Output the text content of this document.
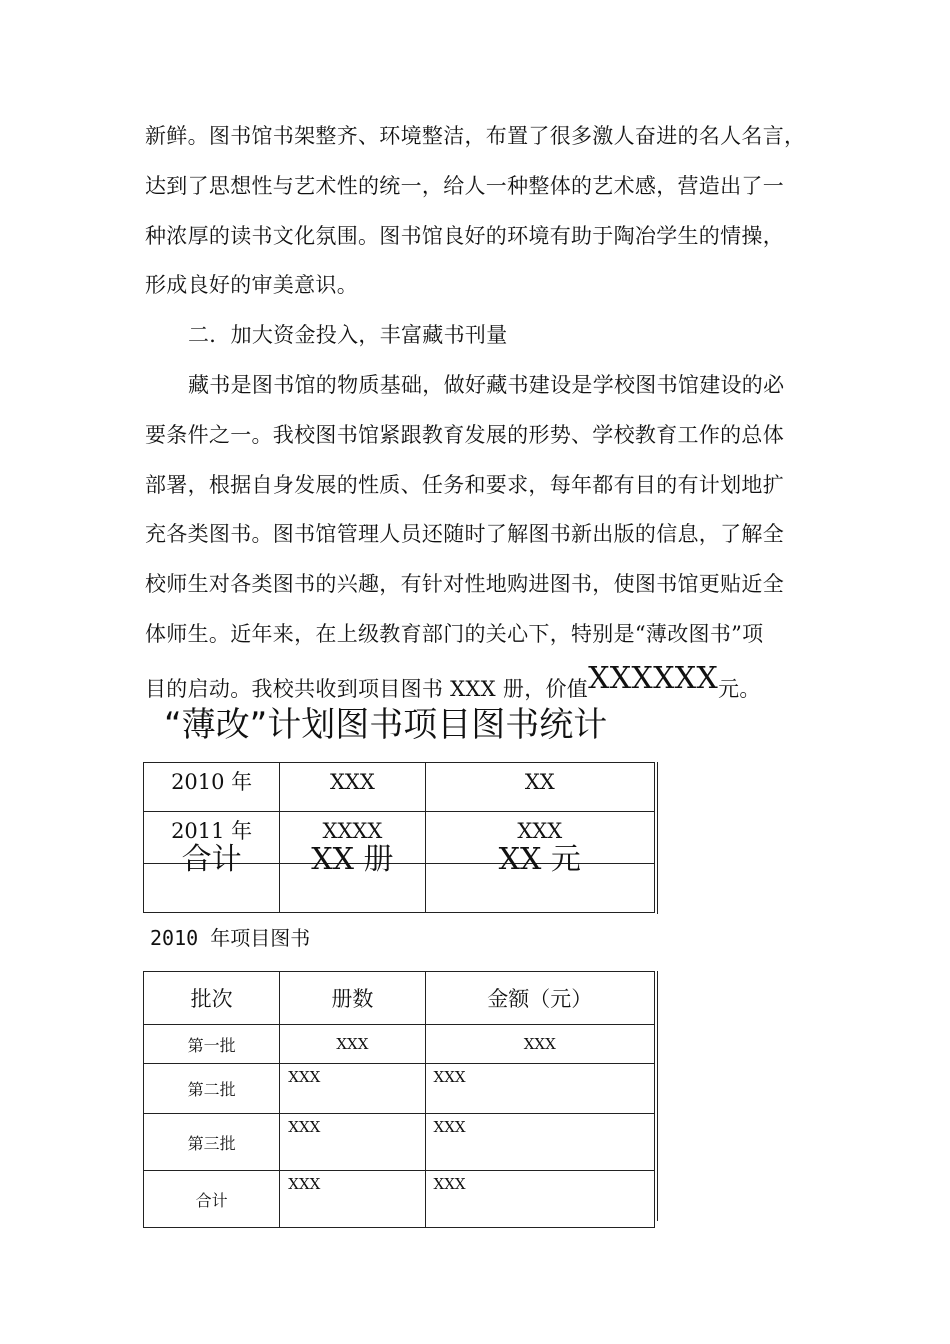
新鲜。图书馆书架整齐、环境整洁，布置了很多激人奋进的名人名言，
达到了思想性与艺术性的统一，给人一种整体的艺术感，营造出了一
种浓厚的读书文化氛围。图书馆良好的环境有助于陶冶学生的情操，
形成良好的审美意识。
二．加大资金投入，丰富藏书刊量
藏书是图书馆的物质基础，做好藏书建设是学校图书馆建设的必
要条件之一。我校图书馆紧跟教育发展的形势、学校教育工作的总体
部署，根据自身发展的性质、任务和要求，每年都有目的有计划地扩
充各类图书。图书馆管理人员还随时了解图书新出版的信息，了解全
校师生对各类图书的兴趣，有针对性地购进图书，使图书馆更贴近全
体师生。近年来，在上级教育部门的关心下，特别是“薄改图书”项
目的启动。我校共收到项目图书 XXX 册，价值XXXXXX元。
“薄改”计划图书项目图书统计
2010 年	XXX	XX

2011 年	XXXX	XXX

合计	XX 册	XX 元
2010 年项目图书
批次	册数	金额（元）
第一批	XXX	XXX
第二批	XXX	XXX
第三批	XXX	XXX
合计	XXX	XXX
